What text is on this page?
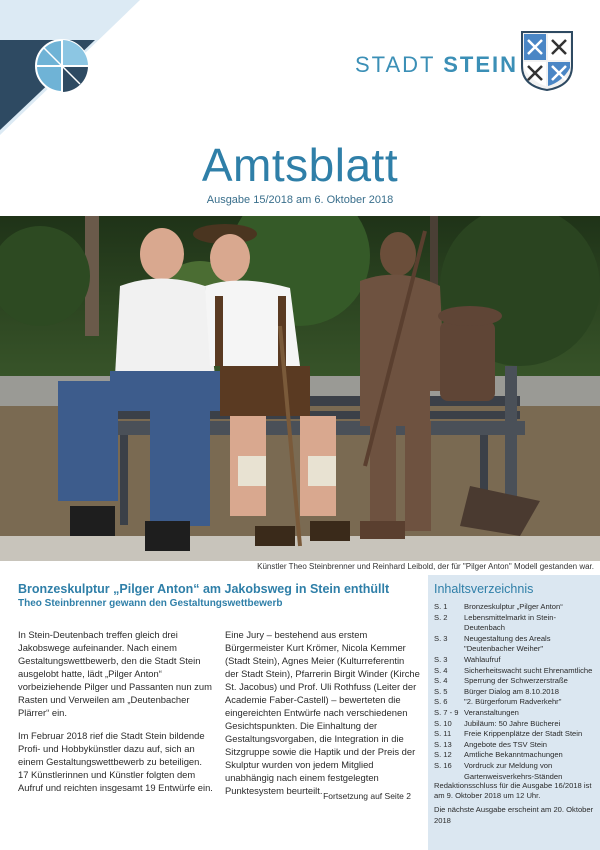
STADT STEIN
Amtsblatt
Ausgabe 15/2018 am 6. Oktober 2018
Künstler Theo Steinbrenner und Reinhard Leibold, der für "Pilger Anton" Modell gestanden war.
Bronzeskulptur „Pilger Anton“ am Jakobsweg in Stein enthüllt
Theo Steinbrenner gewann den Gestaltungswettbewerb

In Stein-Deutenbach treffen gleich drei Jakobswege aufeinander. Nach einem Gestaltungswettbewerb, den die Stadt Stein ausgelobt hatte, lädt „Pilger Anton“ vorbeiziehende Pilger und Passanten nun zum Rasten und Verweilen am „Deutenbacher Plärrer“ ein.

Im Februar 2018 rief die Stadt Stein bildende Profi- und Hobbykünstler dazu auf, sich an einem Gestaltungswettbewerb zu beteiligen. 17 Künstlerinnen und Künstler folgten dem Aufruf und reichten insgesamt 19 Entwürfe ein.

Eine Jury – bestehend aus erstem Bürgermeister Kurt Krömer, Nicola Kemmer (Stadt Stein), Agnes Meier (Kulturreferentin der Stadt Stein), Pfarrerin Birgit Winder (Kirche St. Jacobus) und Prof. Uli Rothfuss (Leiter der Academie Faber-Castell) – bewerteten die eingereichten Entwürfe nach verschiedenen Gesichtspunkten. Die Einhaltung der Gestaltungsvorgaben, die Integration in die Sitzgruppe sowie die Haptik und der Preis der Skulptur wurden von jedem Mitglied unabhängig nach einem festgelegten Punktesystem beurteilt. Fortsetzung auf Seite 2
Inhaltsverzeichnis
S. 1	Bronzeskulptur „Pilger Anton“
S. 2	Lebensmittelmarkt in Stein-Deutenbach
S. 3	Neugestaltung des Areals "Deutenbacher Weiher"
S. 3	Wahlaufruf
S. 4	Sicherheitswacht sucht Ehrenamtliche
S. 4	Sperrung der Schwerzerstraße
S. 5	Bürger Dialog am 8.10.2018
S. 6	"2. Bürgerforum Radverkehr"
S. 7 - 9 Veranstaltungen
S. 10	Jubiläum: 50 Jahre Bücherei
S. 11	Freie Krippenplätze der Stadt Stein
S. 13	Angebote des TSV Stein
S. 12	Amtliche Bekanntmachungen
S. 16	Vordruck zur Meldung von Gartenweisverkehrs-Ständen

Redaktionsschluss für die Ausgabe 16/2018 ist am 9. Oktober 2018 um 12 Uhr.

Die nächste Ausgabe erscheint am 20. Oktober 2018
